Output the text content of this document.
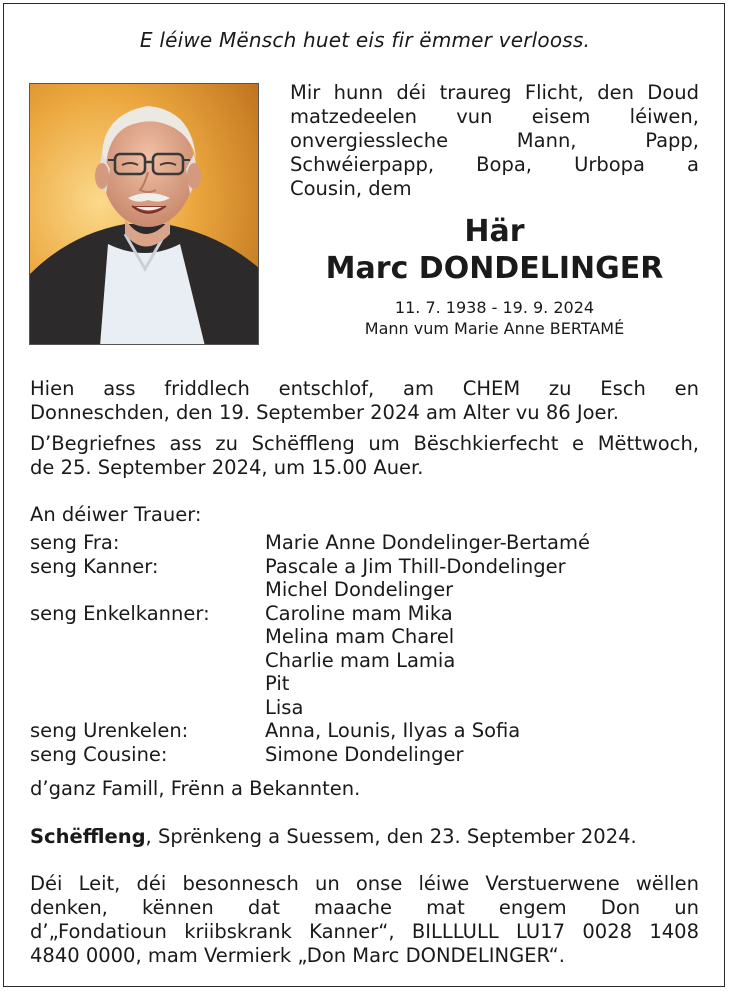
E léiwe Mënsch huet eis fir ëmmer verlooss.
Mir hunn déi traureg Flicht, den Doud
matzedeelen vun eisem léiwen,
onvergiessleche Mann, Papp,
Schwéierpapp, Bopa, Urbopa a
Cousin, dem
Här
Marc DONDELINGER
11. 7. 1938 - 19. 9. 2024
Mann vum Marie Anne BERTAMÉ
Hien ass friddlech entschlof, am CHEM zu Esch en
Donneschden, den 19. September 2024 am Alter vu 86 Joer.
D’Begriefnes ass zu Schëffleng um Bëschkierfecht e Mëttwoch,
de 25. September 2024, um 15.00 Auer.
An déiwer Trauer:
seng Fra:	Marie Anne Dondelinger-Bertamé
seng Kanner:	Pascale a Jim Thill-Dondelinger
Michel Dondelinger
seng Enkelkanner:	Caroline mam Mika
Melina mam Charel
Charlie mam Lamia
Pit
Lisa
seng Urenkelen:	Anna, Lounis, Ilyas a Sofia
seng Cousine:	Simone Dondelinger
d’ganz Famill, Frënn a Bekannten.
Schëffleng, Sprënkeng a Suessem, den 23. September 2024.
Déi Leit, déi besonnesch un onse léiwe Verstuerwene wëllen
denken, kënnen dat maache mat engem Don un
d’„Fondatioun kriibskrank Kanner“, BILLLULL LU17 0028 1408
4840 0000, mam Vermierk „Don Marc DONDELINGER“.
